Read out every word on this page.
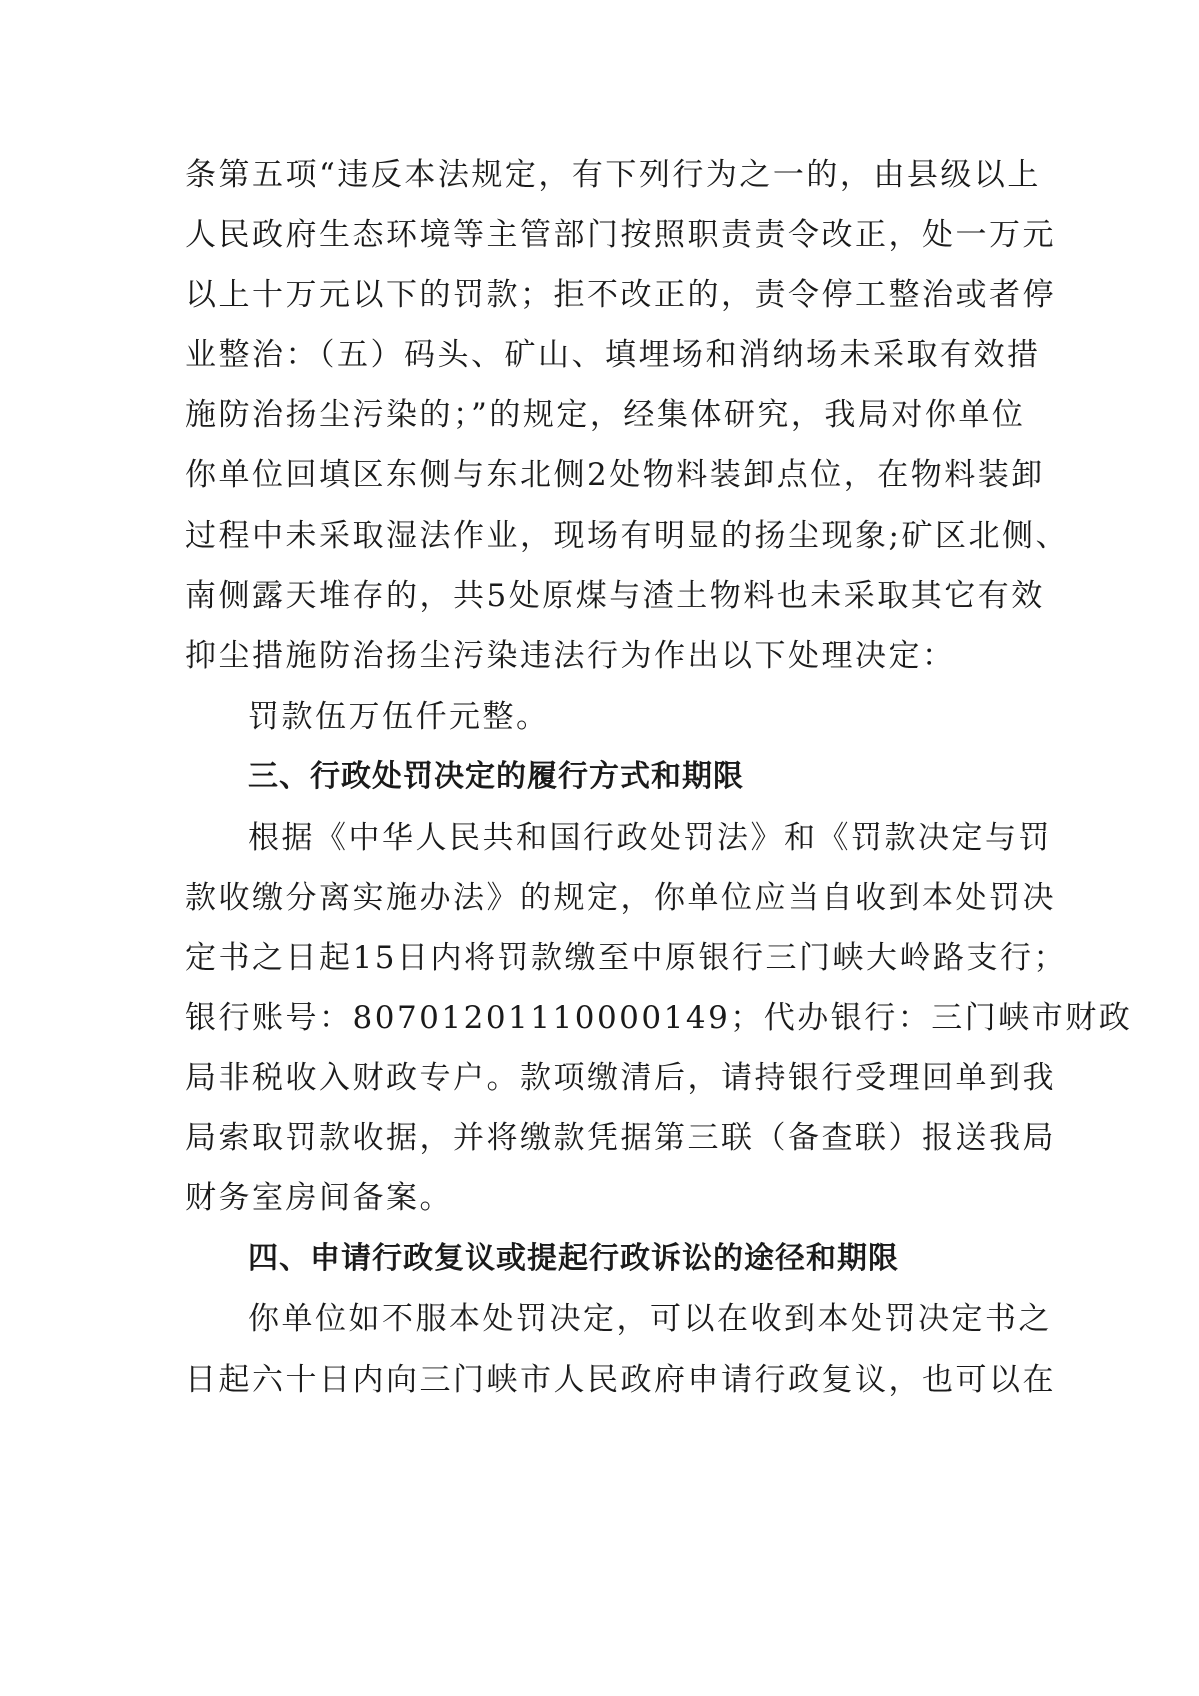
条第五项“违反本法规定，有下列行为之一的，由县级以上
人民政府生态环境等主管部门按照职责责令改正，处一万元
以上十万元以下的罚款；拒不改正的，责令停工整治或者停
业整治：（五）码头、矿山、填埋场和消纳场未采取有效措
施防治扬尘污染的；”的规定，经集体研究，我局对你单位
你单位回填区东侧与东北侧2处物料装卸点位，在物料装卸
过程中未采取湿法作业，现场有明显的扬尘现象;矿区北侧、
南侧露天堆存的，共5处原煤与渣土物料也未采取其它有效
抑尘措施防治扬尘污染违法行为作出以下处理决定：
罚款伍万伍仟元整。
三、行政处罚决定的履行方式和期限
根据《中华人民共和国行政处罚法》和《罚款决定与罚
款收缴分离实施办法》的规定，你单位应当自收到本处罚决
定书之日起15日内将罚款缴至中原银行三门峡大岭路支行；
银行账号：80701201110000149；代办银行：三门峡市财政
局非税收入财政专户。款项缴清后，请持银行受理回单到我
局索取罚款收据，并将缴款凭据第三联（备查联）报送我局
财务室房间备案。
四、申请行政复议或提起行政诉讼的途径和期限
你单位如不服本处罚决定，可以在收到本处罚决定书之
日起六十日内向三门峡市人民政府申请行政复议，也可以在
